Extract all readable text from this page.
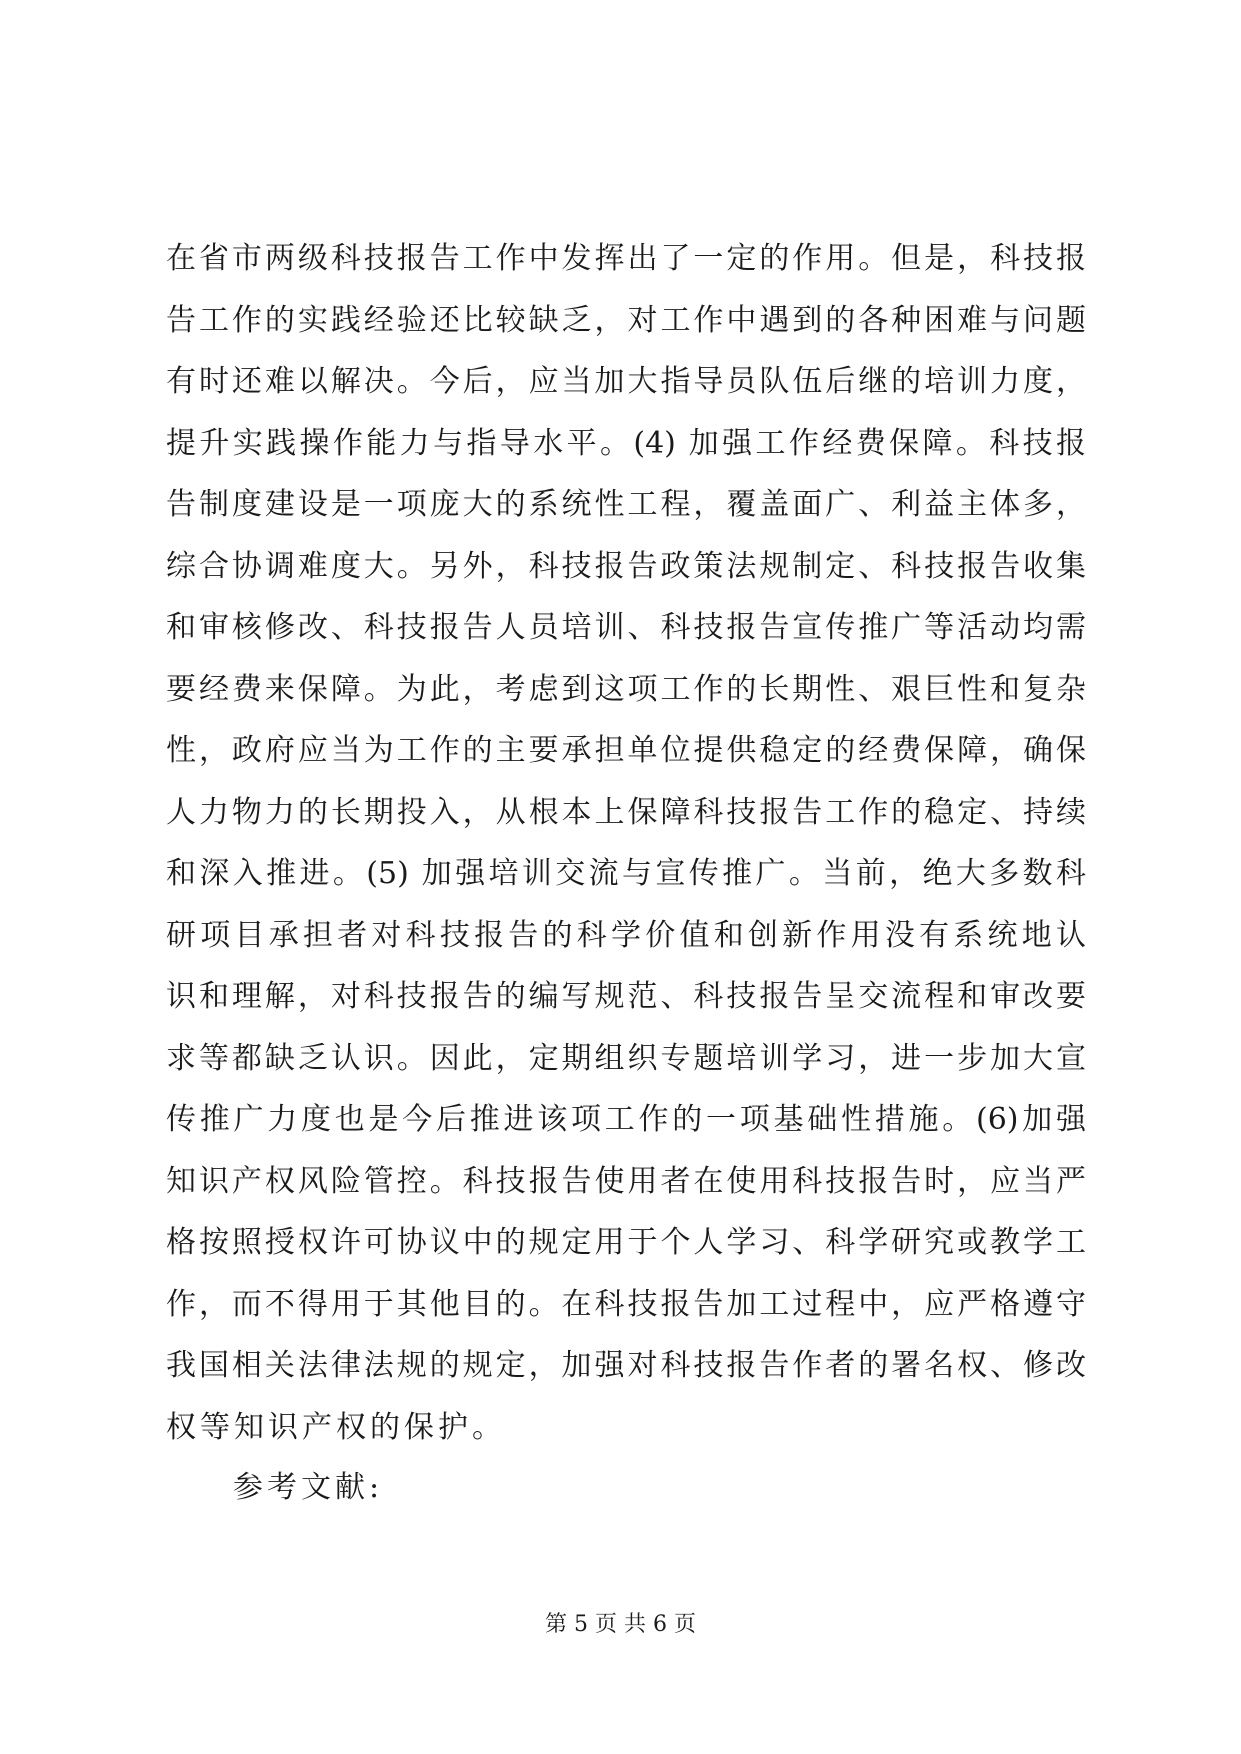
在省市两级科技报告工作中发挥出了一定的作用。但是，科技报
告工作的实践经验还比较缺乏，对工作中遇到的各种困难与问题
有时还难以解决。今后，应当加大指导员队伍后继的培训力度，
提升实践操作能力与指导水平。(4) 加强工作经费保障。科技报
告制度建设是一项庞大的系统性工程，覆盖面广、利益主体多，
综合协调难度大。另外，科技报告政策法规制定、科技报告收集
和审核修改、科技报告人员培训、科技报告宣传推广等活动均需
要经费来保障。为此，考虑到这项工作的长期性、艰巨性和复杂
性，政府应当为工作的主要承担单位提供稳定的经费保障，确保
人力物力的长期投入，从根本上保障科技报告工作的稳定、持续
和深入推进。(5) 加强培训交流与宣传推广。当前，绝大多数科
研项目承担者对科技报告的科学价值和创新作用没有系统地认
识和理解，对科技报告的编写规范、科技报告呈交流程和审改要
求等都缺乏认识。因此，定期组织专题培训学习，进一步加大宣
传推广力度也是今后推进该项工作的一项基础性措施。(6)加强
知识产权风险管控。科技报告使用者在使用科技报告时，应当严
格按照授权许可协议中的规定用于个人学习、科学研究或教学工
作，而不得用于其他目的。在科技报告加工过程中，应严格遵守
我国相关法律法规的规定，加强对科技报告作者的署名权、修改
权等知识产权的保护。
参考文献:
第 5 页 共 6 页
